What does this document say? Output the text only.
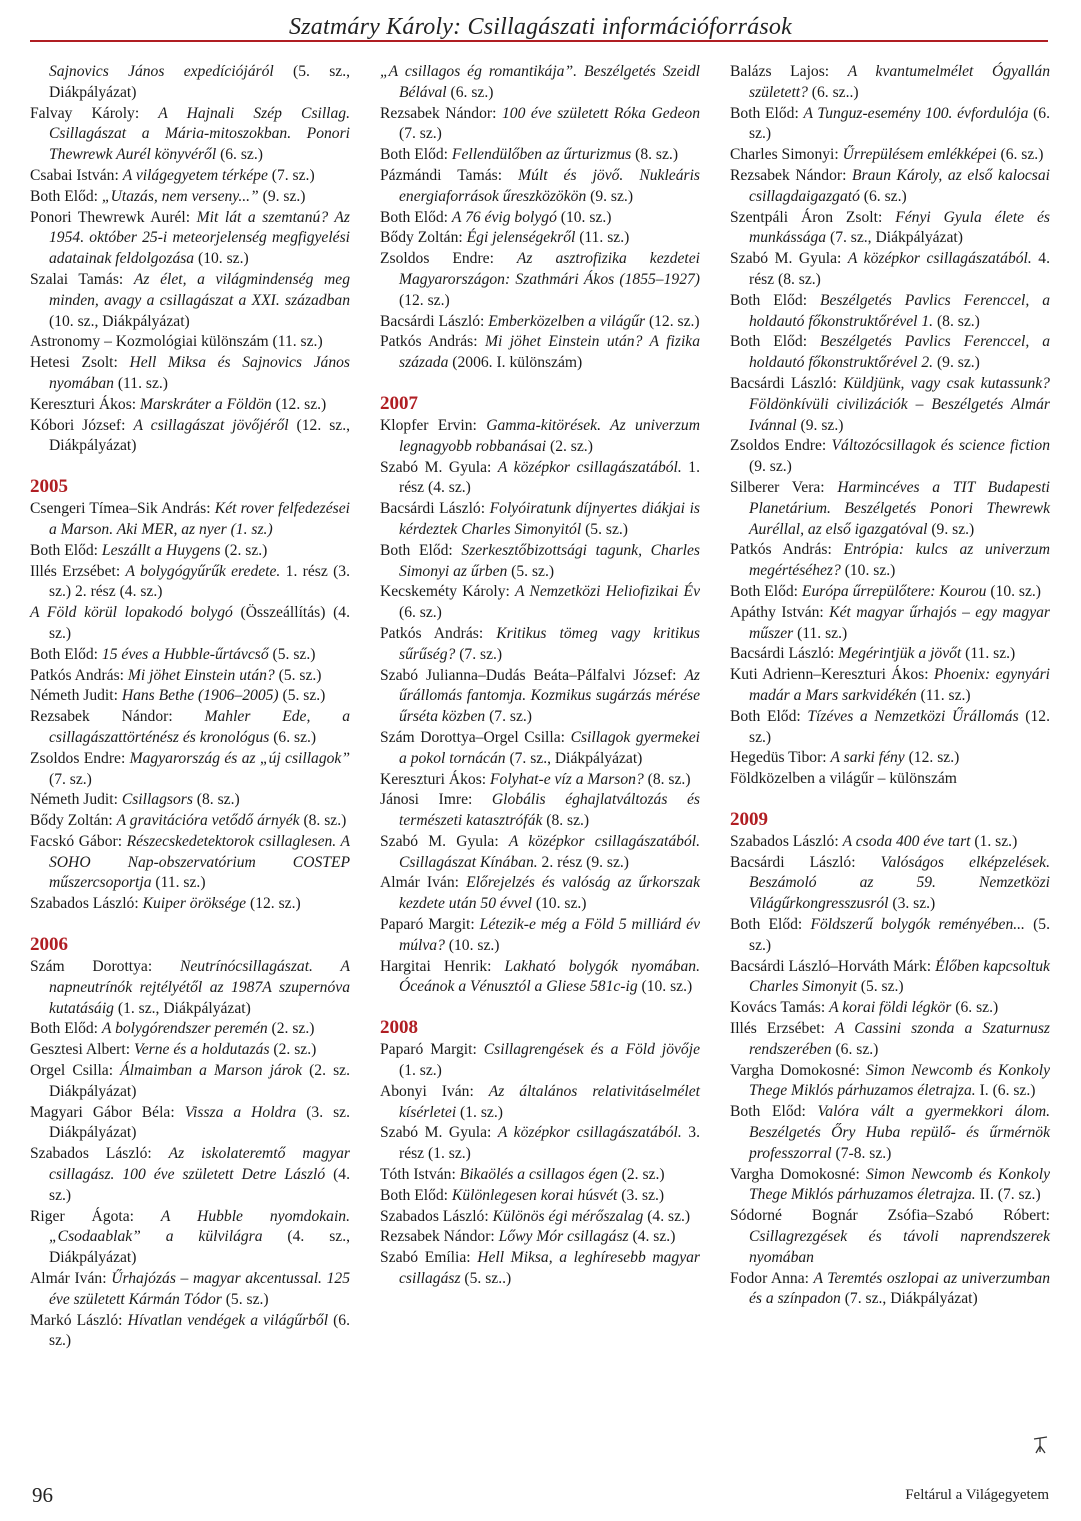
Szatmáry Károly: Csillagászati információforrások
Sajnovics János expedíciójáról (5. sz., Diákpályázat)
Falvay Károly: A Hajnali Szép Csillag. Csillagászat a Mária-mitoszokban. Ponori Thewrewk Aurél könyvéről (6. sz.)
Csabai István: A világegyetem térképe (7. sz.)
Both Előd: „Utazás, nem verseny...” (9. sz.)
Ponori Thewrewk Aurél: Mit lát a szemtanú? Az 1954. október 25-i meteorjelenség megfigyelési adatainak feldolgozása (10. sz.)
Szalai Tamás: Az élet, a világmindenség meg minden, avagy a csillagászat a XXI. században (10. sz., Diákpályázat)
Astronomy – Kozmológiai különszám (11. sz.)
Hetesi Zsolt: Hell Miksa és Sajnovics János nyomában (11. sz.)
Kereszturi Ákos: Marskráter a Földön (12. sz.)
Kóbori József: A csillagászat jövőjéről (12. sz., Diákpályázat)
2005
Csengeri Tímea–Sik András: Két rover felfedezései a Marson. Aki MER, az nyer (1. sz.)
Both Előd: Leszállt a Huygens (2. sz.)
Illés Erzsébet: A bolygógyűrűk eredete. 1. rész (3. sz.) 2. rész (4. sz.)
A Föld körül lopakodó bolygó (Összeállítás) (4. sz.)
Both Előd: 15 éves a Hubble-űrtávcső (5. sz.)
Patkós András: Mi jöhet Einstein után? (5. sz.)
Németh Judit: Hans Bethe (1906–2005) (5. sz.)
Rezsabek Nándor: Mahler Ede, a csillagászattörténész és kronológus (6. sz.)
Zsoldos Endre: Magyarország és az „új csillagok” (7. sz.)
Németh Judit: Csillagsors (8. sz.)
Bődy Zoltán: A gravitációra vetődő árnyék (8. sz.)
Facskó Gábor: Részecskedetektorok csillaglesen. A SOHO Nap-obszervatórium COSTEP műszercsoportja (11. sz.)
Szabados László: Kuiper öröksége (12. sz.)
2006
Szám Dorottya: Neutrínócsillagászat. A napneutrínók rejtélyétől az 1987A szupernóva kutatásáig (1. sz., Diákpályázat)
Both Előd: A bolygórendszer peremén (2. sz.)
Gesztesi Albert: Verne és a holdutazás (2. sz.)
Orgel Csilla: Álmaimban a Marson járok (2. sz. Diákpályázat)
Magyari Gábor Béla: Vissza a Holdra (3. sz. Diákpályázat)
Szabados László: Az iskolateremtő magyar csillagász. 100 éve született Detre László (4. sz.)
Riger Ágota: A Hubble nyomdokain. „Csodaablak” a külvilágra (4. sz., Diákpályázat)
Almár Iván: Űrhajózás – magyar akcentussal. 125 éve született Kármán Tódor (5. sz.)
Markó László: Hívatlan vendégek a világűrből (6. sz.)
„A csillagos ég romantikája”. Beszélgetés Szeidl Bélával (6. sz.)
Rezsabek Nándor: 100 éve született Róka Gedeon (7. sz.)
Both Előd: Fellendülőben az űrturizmus (8. sz.)
Pázmándi Tamás: Múlt és jövő. Nukleáris energiaforrások űreszközökön (9. sz.)
Both Előd: A 76 évig bolygó (10. sz.)
Bődy Zoltán: Égi jelenségekről (11. sz.)
Zsoldos Endre: Az asztrofizika kezdetei Magyarországon: Szathmári Ákos (1855–1927) (12. sz.)
Bacsárdi László: Emberközelben a világűr (12. sz.)
Patkós András: Mi jöhet Einstein után? A fizika százada (2006. I. különszám)
2007
Klopfer Ervin: Gamma-kitörések. Az univerzum legnagyobb robbanásai (2. sz.)
Szabó M. Gyula: A középkor csillagászatából. 1. rész (4. sz.)
Bacsárdi László: Folyóiratunk díjnyertes diákjai is kérdeztek Charles Simonyitól (5. sz.)
Both Előd: Szerkesztőbizottsági tagunk, Charles Simonyi az űrben (5. sz.)
Kecskeméty Károly: A Nemzetközi Heliofizikai Év (6. sz.)
Patkós András: Kritikus tömeg vagy kritikus sűrűség? (7. sz.)
Szabó Julianna–Dudás Beáta–Pálfalvi József: Az űrállomás fantomja. Kozmikus sugárzás mérése űrséta közben (7. sz.)
Szám Dorottya–Orgel Csilla: Csillagok gyermekei a pokol tornácán (7. sz., Diákpályázat)
Kereszturi Ákos: Folyhat-e víz a Marson? (8. sz.)
Jánosi Imre: Globális éghajlatváltozás és természeti katasztrófák (8. sz.)
Szabó M. Gyula: A középkor csillagászatából. Csillagászat Kínában. 2. rész (9. sz.)
Almár Iván: Előrejelzés és valóság az űrkorszak kezdete után 50 évvel (10. sz.)
Paparó Margit: Létezik-e még a Föld 5 milliárd év múlva? (10. sz.)
Hargitai Henrik: Lakható bolygók nyomában. Óceánok a Vénusztól a Gliese 581c-ig (10. sz.)
2008
Paparó Margit: Csillagrengések és a Föld jövője (1. sz.)
Abonyi Iván: Az általános relativitáselmélet kísérletei (1. sz.)
Szabó M. Gyula: A középkor csillagászatából. 3. rész (1. sz.)
Tóth István: Bikaölés a csillagos égen (2. sz.)
Both Előd: Különlegesen korai húsvét (3. sz.)
Szabados László: Különös égi mérőszalag (4. sz.)
Rezsabek Nándor: Lőwy Mór csillagász (4. sz.)
Szabó Emília: Hell Miksa, a leghíresebb magyar csillagász (5. sz..)
Balázs Lajos: A kvantumelmélet Ógyallán született? (6. sz..)
Both Előd: A Tunguz-esemény 100. évfordulója (6. sz.)
Charles Simonyi: Űrrepülésem emlékképei (6. sz.)
Rezsabek Nándor: Braun Károly, az első kalocsai csillagdaigazgató (6. sz.)
Szentpáli Áron Zsolt: Fényi Gyula élete és munkássága (7. sz., Diákpályázat)
Szabó M. Gyula: A középkor csillagászatából. 4. rész (8. sz.)
Both Előd: Beszélgetés Pavlics Ferenccel, a holdautó főkonstruktőrével 1. (8. sz.)
Both Előd: Beszélgetés Pavlics Ferenccel, a holdautó főkonstruktőrével 2. (9. sz.)
Bacsárdi László: Küldjünk, vagy csak kutassunk? Földönkívüli civilizációk – Beszélgetés Almár Ivánnal (9. sz.)
Zsoldos Endre: Változócsillagok és science fiction (9. sz.)
Silberer Vera: Harmincéves a TIT Budapesti Planetárium. Beszélgetés Ponori Thewrewk Auréllal, az első igazgatóval (9. sz.)
Patkós András: Entrópia: kulcs az univerzum megértéséhez? (10. sz.)
Both Előd: Európa űrrepülőtere: Kourou (10. sz.)
Apáthy István: Két magyar űrhajós – egy magyar műszer (11. sz.)
Bacsárdi László: Megérintjük a jövőt (11. sz.)
Kuti Adrienn–Kereszturi Ákos: Phoenix: egynyári madár a Mars sarkvidékén (11. sz.)
Both Előd: Tízéves a Nemzetközi Űrállomás (12. sz.)
Hegedüs Tibor: A sarki fény (12. sz.)
Földközelben a világűr – különszám
2009
Szabados László: A csoda 400 éve tart (1. sz.)
Bacsárdi László: Valóságos elképzelések. Beszámoló az 59. Nemzetközi Világűrkongresszusról (3. sz.)
Both Előd: Földszerű bolygók reményében... (5. sz.)
Bacsárdi László–Horváth Márk: Élőben kapcsoltuk Charles Simonyit (5. sz.)
Kovács Tamás: A korai földi légkör (6. sz.)
Illés Erzsébet: A Cassini szonda a Szaturnusz rendszerében (6. sz.)
Vargha Domokosné: Simon Newcomb és Konkoly Thege Miklós párhuzamos életrajza. I. (6. sz.)
Both Előd: Valóra vált a gyermekkori álom. Beszélgetés Őry Huba repülő- és űrmérnök professzorral (7-8. sz.)
Vargha Domokosné: Simon Newcomb és Konkoly Thege Miklós párhuzamos életrajza. II. (7. sz.)
Sódorné Bognár Zsófia–Szabó Róbert: Csillagrezgések és távoli naprendszerek nyomában
Fodor Anna: A Teremtés oszlopai az univerzumban és a színpadon (7. sz., Diákpályázat)
96	Feltárul a Világegyetem
